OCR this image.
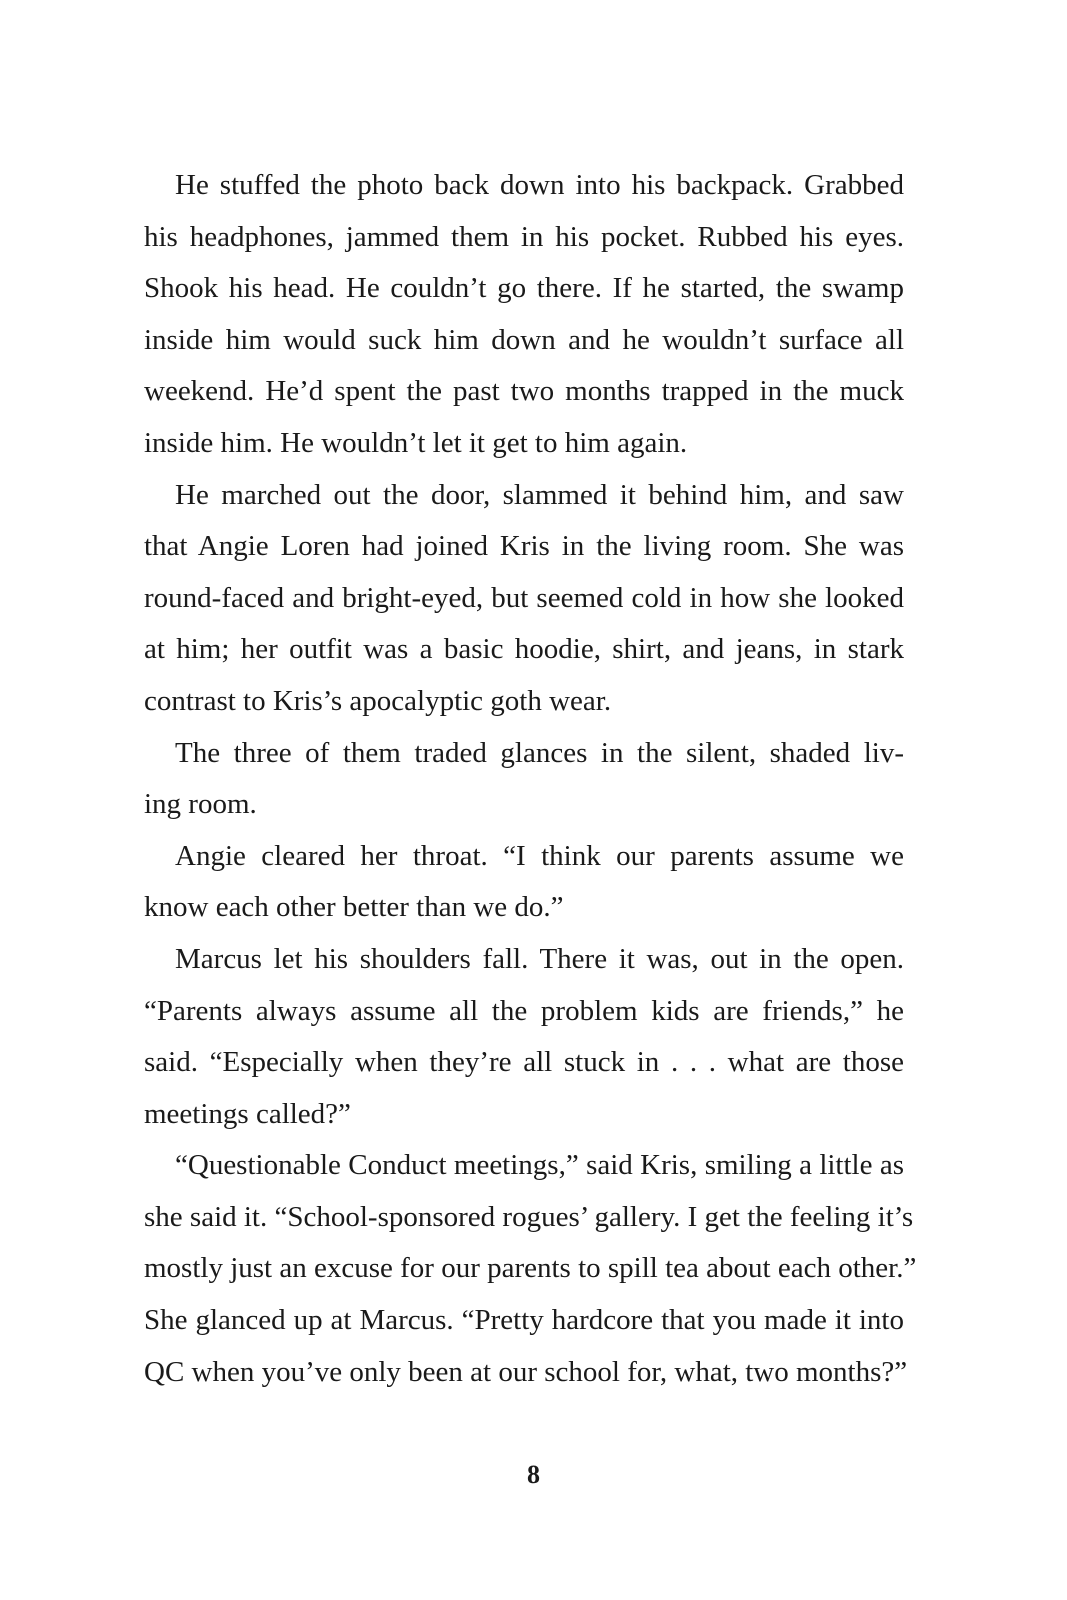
He stuffed the photo back down into his backpack. Grabbed
his headphones, jammed them in his pocket. Rubbed his eyes.
Shook his head. He couldn’t go there. If he started, the swamp
inside him would suck him down and he wouldn’t surface all
weekend. He’d spent the past two months trapped in the muck
inside him. He wouldn’t let it get to him again.
He marched out the door, slammed it behind him, and saw
that Angie Loren had joined Kris in the living room. She was
round-faced and bright-eyed, but seemed cold in how she looked
at him; her outfit was a basic hoodie, shirt, and jeans, in stark
contrast to Kris’s apocalyptic goth wear.
The three of them traded glances in the silent, shaded liv-
ing room.
Angie cleared her throat. “I think our parents assume we
know each other better than we do.”
Marcus let his shoulders fall. There it was, out in the open.
“Parents always assume all the problem kids are friends,” he
said. “Especially when they’re all stuck in . . . what are those
meetings called?”
“Questionable Conduct meetings,” said Kris, smiling a little as
she said it. “School-sponsored rogues’ gallery. I get the feeling it’s
mostly just an excuse for our parents to spill tea about each other.”
She glanced up at Marcus. “Pretty hardcore that you made it into
QC when you’ve only been at our school for, what, two months?”
8
